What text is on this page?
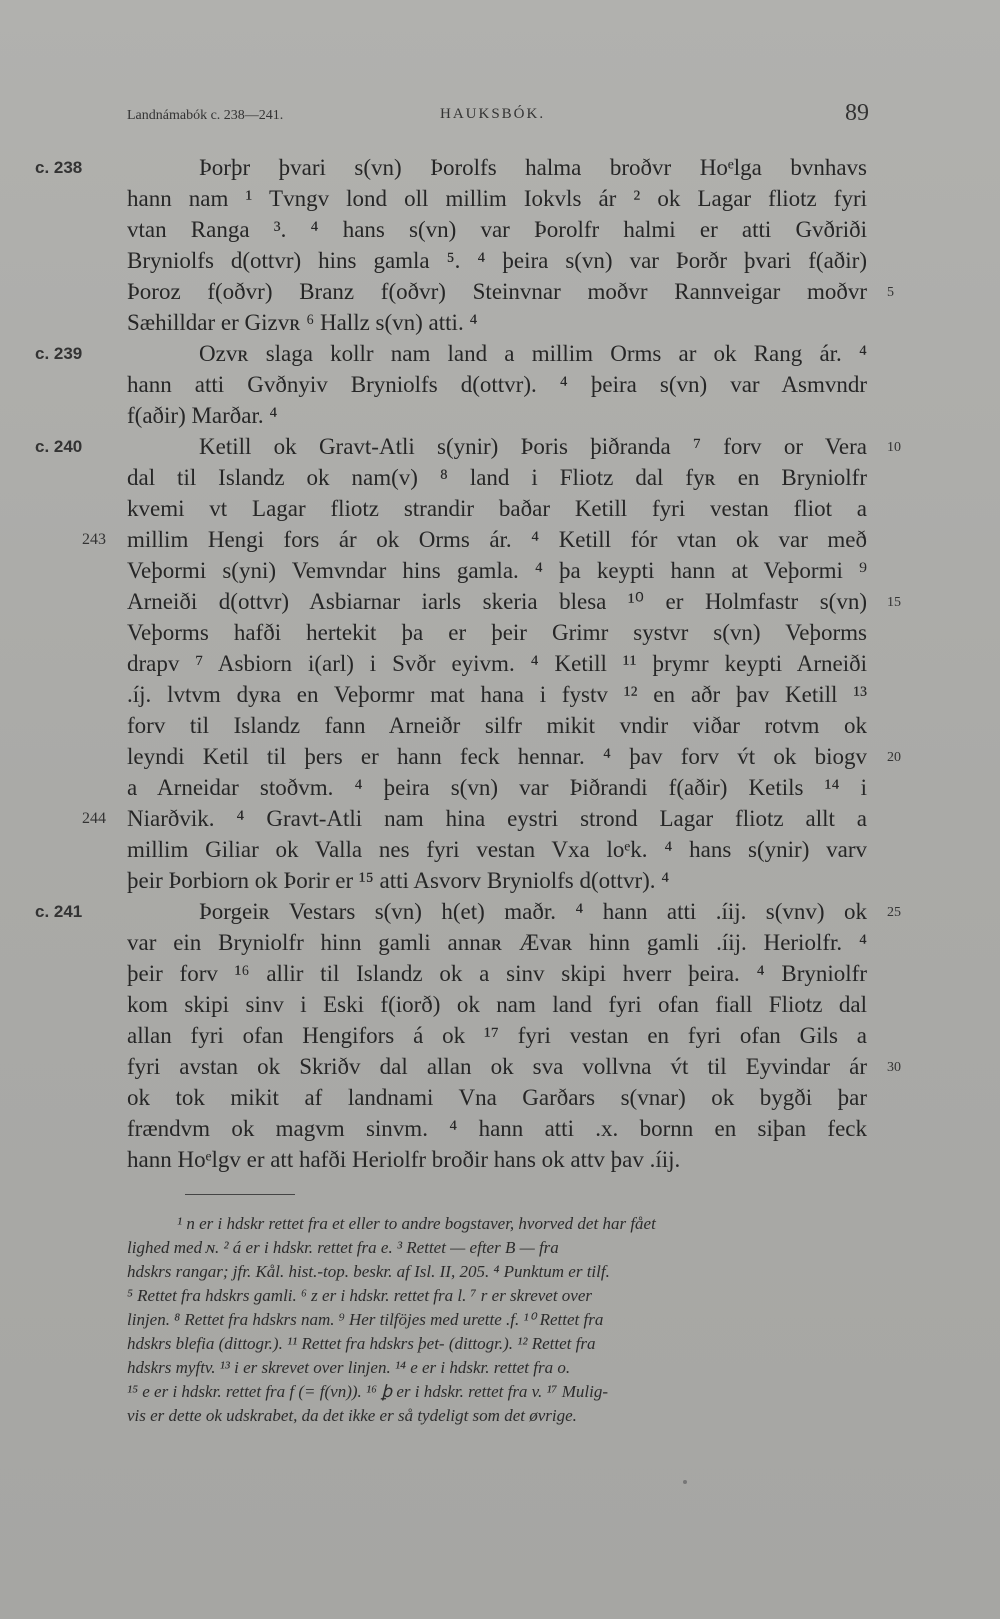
Landnámabók c. 238—241.	HAUKSBÓK.	89
c. 238	Þorþr þvari s(vn) Þorolfs halma broðvr Hoᵉlga bvnhavs
hann nam ¹ Tvngv lond oll millim Iokvls ár ² ok Lagar fliotz fyri
vtan Ranga ³. ⁴ hans s(vn) var Þorolfr halmi er atti Gvðriði
Bryniolfs d(ottvr) hins gamla ⁵. ⁴ þeira s(vn) var Þorðr þvari f(aðir)
Þoroz f(oðvr) Branz f(oðvr) Steinvnar moðvr Rannveigar moðvr 5
Sæhilldar er Gizvʀ ⁶ Hallz s(vn) atti. ⁴
c. 239	Ozvʀ slaga kollr nam land a millim Orms ar ok Rang ár. ⁴
hann atti Gvðnyiv Bryniolfs d(ottvr). ⁴ þeira s(vn) var Asmvndr
f(aðir) Marðar. ⁴
c. 240	Ketill ok Gravt-Atli s(ynir) Þoris þiðranda ⁷ forv or Vera 10
dal til Islandz ok nam(v) ⁸ land i Fliotz dal fyʀ en Bryniolfr
kvemi vt Lagar fliotz strandir baðar Ketill fyri vestan fliot a
243 millim Hengi fors ár ok Orms ár. ⁴ Ketill fór vtan ok var með
Veþormi s(yni) Vemvndar hins gamla. ⁴ þa keypti hann at Veþormi ⁹
Arneiði d(ottvr) Asbiarnar iarls skeria blesa ¹⁰ er Holmfastr s(vn) 15
Veþorms hafði hertekit þa er þeir Grimr systvr s(vn) Veþorms
drapv ⁷ Asbiorn i(arl) i Svðr eyivm. ⁴ Ketill ¹¹ þrymr keypti Arneiði
.íj. lvtvm dyʀa en Veþormr mat hana i fystv ¹² en aðr þav Ketill ¹³
forv til Islandz fann Arneiðr silfr mikit vndir viðar rotvm ok
leyndi Ketil til þers er hann feck hennar. ⁴ þav forv v́t ok biogv 20
a Arneidar stoðvm. ⁴ þeira s(vn) var Þiðrandi f(aðir) Ketils ¹⁴ i
244 Niarðvik. ⁴ Gravt-Atli nam hina eystri strond Lagar fliotz allt a
millim Giliar ok Valla nes fyri vestan Vxa loᵉk. ⁴ hans s(ynir) varv
þeir Þorbiorn ok Þorir er ¹⁵ atti Asvorv Bryniolfs d(ottvr). ⁴
c. 241	Þorgeiʀ Vestars s(vn) h(et) maðr. ⁴ hann atti .íij. s(vnv) ok 25
var ein Bryniolfr hinn gamli annaʀ Ævaʀ hinn gamli .íij. Heriolfr. ⁴
þeir forv ¹⁶ allir til Islandz ok a sinv skipi hverr þeira. ⁴ Bryniolfr
kom skipi sinv i Eski f(iorð) ok nam land fyri ofan fiall Fliotz dal
allan fyri ofan Hengifors á ok ¹⁷ fyri vestan en fyri ofan Gils a
fyri avstan ok Skriðv dal allan ok sva vollvna v́t til Eyvindar ár 30
ok tok mikit af landnami Vna Garðars s(vnar) ok bygði þar
frændvm ok magvm sinvm. ⁴ hann atti .x. bornn en siþan feck
hann Hoᵉlgv er att hafði Heriolfr broðir hans ok attv þav .íij.
¹ n er i hdskr rettet fra et eller to andre bogstaver, hvorved det har fået
lighed med ɴ. ² á er i hdskr. rettet fra e. ³ Rettet — efter B — fra
hdskrs rangar; jfr. Kål. hist.-top. beskr. af Isl. II, 205. ⁴ Punktum er tilf.
⁵ Rettet fra hdskrs gamli. ⁶ z er i hdskr. rettet fra l. ⁷ r er skrevet over
linjen. ⁸ Rettet fra hdskrs nam. ⁹ Her tilföjes med urette .f. ¹⁰ Rettet fra
hdskrs blefia (dittogr.). ¹¹ Rettet fra hdskrs þet- (dittogr.). ¹² Rettet fra
hdskrs myftv. ¹³ i er skrevet over linjen. ¹⁴ e er i hdskr. rettet fra o.
¹⁵ e er i hdskr. rettet fra f (= f(vn)). ¹⁶ ꝧ er i hdskr. rettet fra v. ¹⁷ Mulig-
vis er dette ok udskrabet, da det ikke er så tydeligt som det øvrige.
